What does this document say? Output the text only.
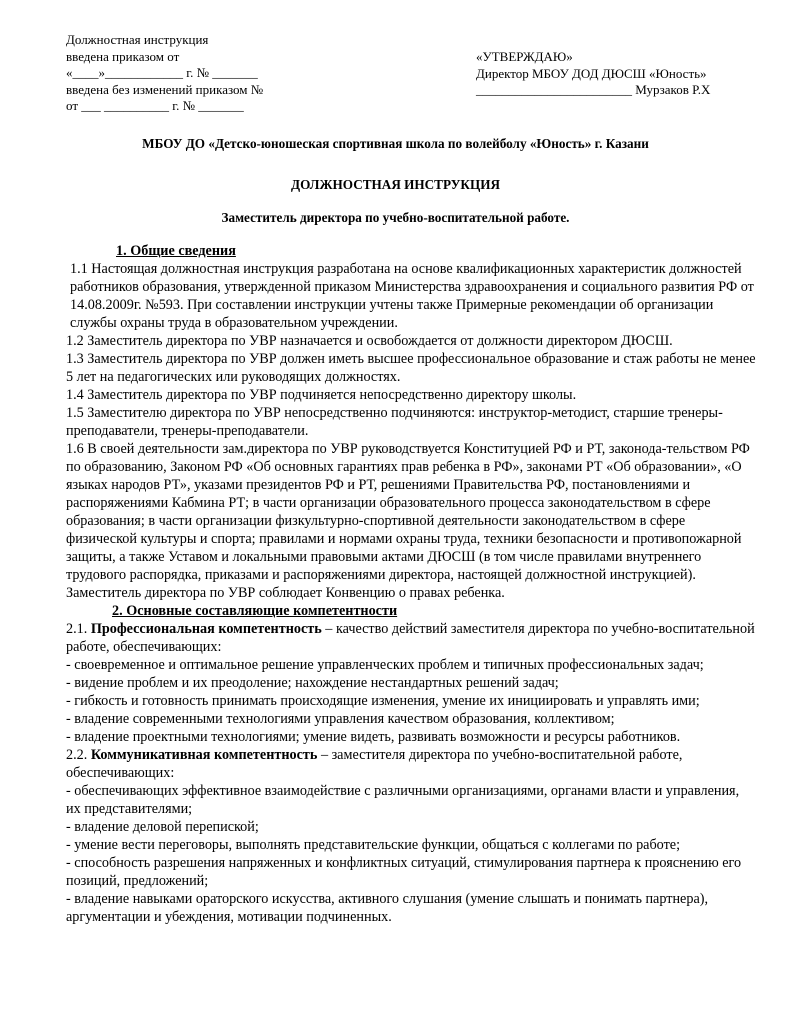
Должностная инструкция
введена приказом от
«____»____________ г. № _______
введена без изменений приказом №
от ___ __________ г. № _______
«УТВЕРЖДАЮ»
Директор МБОУ ДОД ДЮСШ «Юность»
________________________ Мурзаков Р.Х
МБОУ ДО «Детско-юношеская спортивная школа по волейболу «Юность» г. Казани
ДОЛЖНОСТНАЯ ИНСТРУКЦИЯ
Заместитель директора по учебно-воспитательной работе.

1. Общие сведения

1.1 Настоящая должностная инструкция разработана на основе квалификационных характеристик должностей работников образования, утвержденной приказом Министерства здравоохранения и социального развития РФ от 14.08.2009г. №593. При составлении инструкции учтены также Примерные рекомендации об организации службы охраны труда в образовательном учреждении.

1.2 Заместитель директора по УВР назначается и освобождается от должности директором ДЮСШ.

1.3 Заместитель директора по УВР должен иметь высшее профессиональное образование и стаж работы не менее 5 лет на педагогических или руководящих должностях.

1.4 Заместитель директора по УВР подчиняется непосредственно директору школы.

1.5 Заместителю директора по УВР непосредственно подчиняются: инструктор-методист, старшие тренеры-преподаватели, тренеры-преподаватели.

1.6 В своей деятельности зам.директора по УВР руководствуется Конституцией РФ и РТ, законода-тельством РФ по образованию, Законом РФ «Об основных гарантиях прав ребенка в РФ», законами РТ «Об образовании», «О языках народов РТ», указами президентов РФ и РТ, решениями Правительства РФ, постановлениями и распоряжениями Кабмина РТ; в части организации образовательного процесса законодательством в сфере образования; в части организации физкультурно-спортивной деятельности законодательством в сфере физической культуры и спорта; правилами и нормами охраны труда, техники безопасности и противопожарной защиты, а также Уставом и локальными правовыми актами ДЮСШ (в том числе правилами внутреннего трудового распорядка, приказами и распоряжениями директора, настоящей должностной инструкцией).

Заместитель директора по УВР соблюдает Конвенцию о правах ребенка.

2. Основные составляющие компетентности

2.1. Профессиональная компетентность – качество действий заместителя директора по учебно-воспитательной работе, обеспечивающих:

- своевременное и оптимальное решение управленческих проблем и типичных профессиональных задач;

- видение проблем и их преодоление; нахождение нестандартных решений задач;

- гибкость и готовность принимать происходящие изменения, умение их инициировать и управлять ими;

- владение современными технологиями управления качеством образования, коллективом;

- владение проектными технологиями; умение видеть, развивать возможности и ресурсы работников.

2.2. Коммуникативная компетентность – заместителя директора по учебно-воспитательной работе, обеспечивающих:

- обеспечивающих эффективное взаимодействие с различными организациями, органами власти и управления, их представителями;

- владение деловой перепиской;

- умение вести переговоры, выполнять представительские функции, общаться с коллегами по работе;

- способность разрешения напряженных и конфликтных ситуаций, стимулирования партнера к прояснению его позиций, предложений;

- владение навыками ораторского искусства, активного слушания (умение слышать и понимать партнера), аргументации и убеждения, мотивации подчиненных.
